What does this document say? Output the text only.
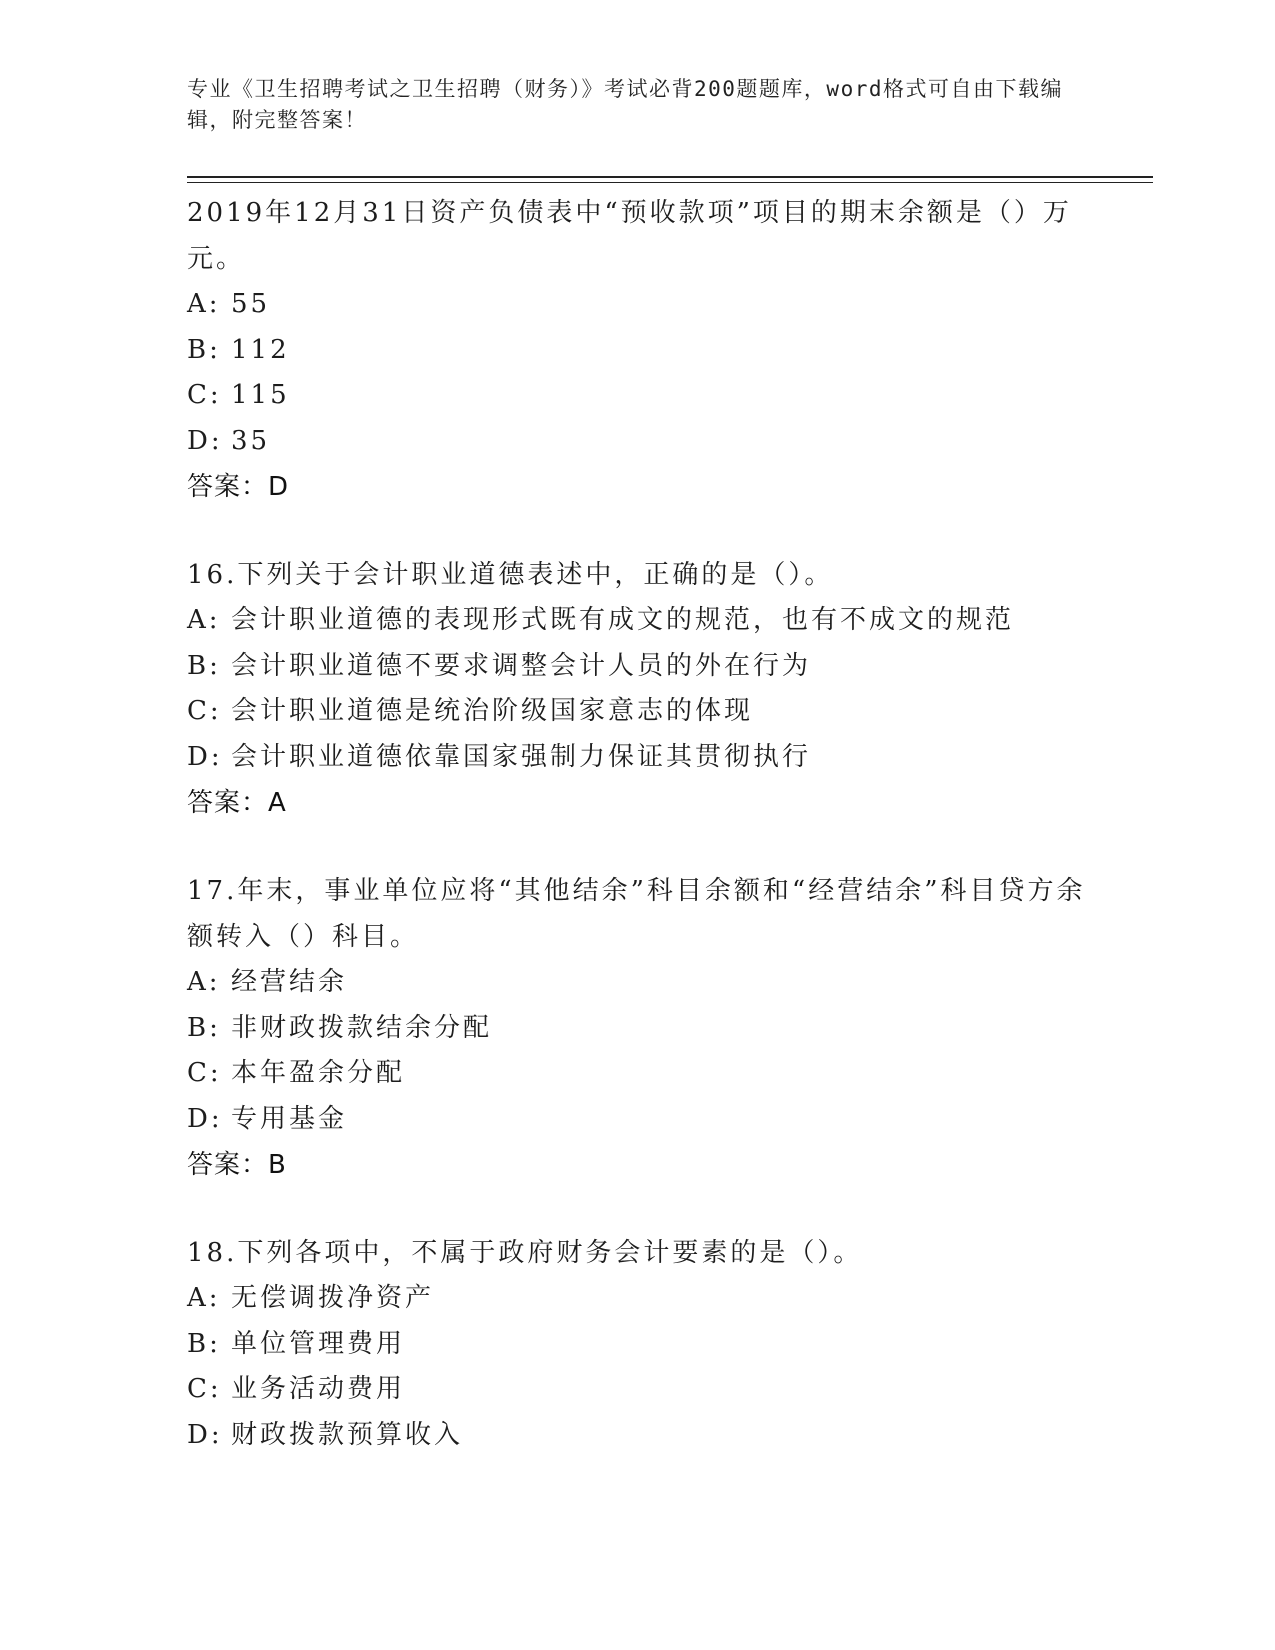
专业《卫生招聘考试之卫生招聘（财务）》考试必背200题题库，word格式可自由下载编辑，附完整答案！
2019年12月31日资产负债表中“预收款项”项目的期末余额是（）万元。
A: 55
B: 112
C: 115
D: 35
答案：D
16.下列关于会计职业道德表述中，正确的是（）。
A: 会计职业道德的表现形式既有成文的规范，也有不成文的规范
B: 会计职业道德不要求调整会计人员的外在行为
C: 会计职业道德是统治阶级国家意志的体现
D: 会计职业道德依靠国家强制力保证其贯彻执行
答案：A
17.年末，事业单位应将“其他结余”科目余额和“经营结余”科目贷方余额转入（）科目。
A: 经营结余
B: 非财政拨款结余分配
C: 本年盈余分配
D: 专用基金
答案：B
18.下列各项中，不属于政府财务会计要素的是（）。
A: 无偿调拨净资产
B: 单位管理费用
C: 业务活动费用
D: 财政拨款预算收入
